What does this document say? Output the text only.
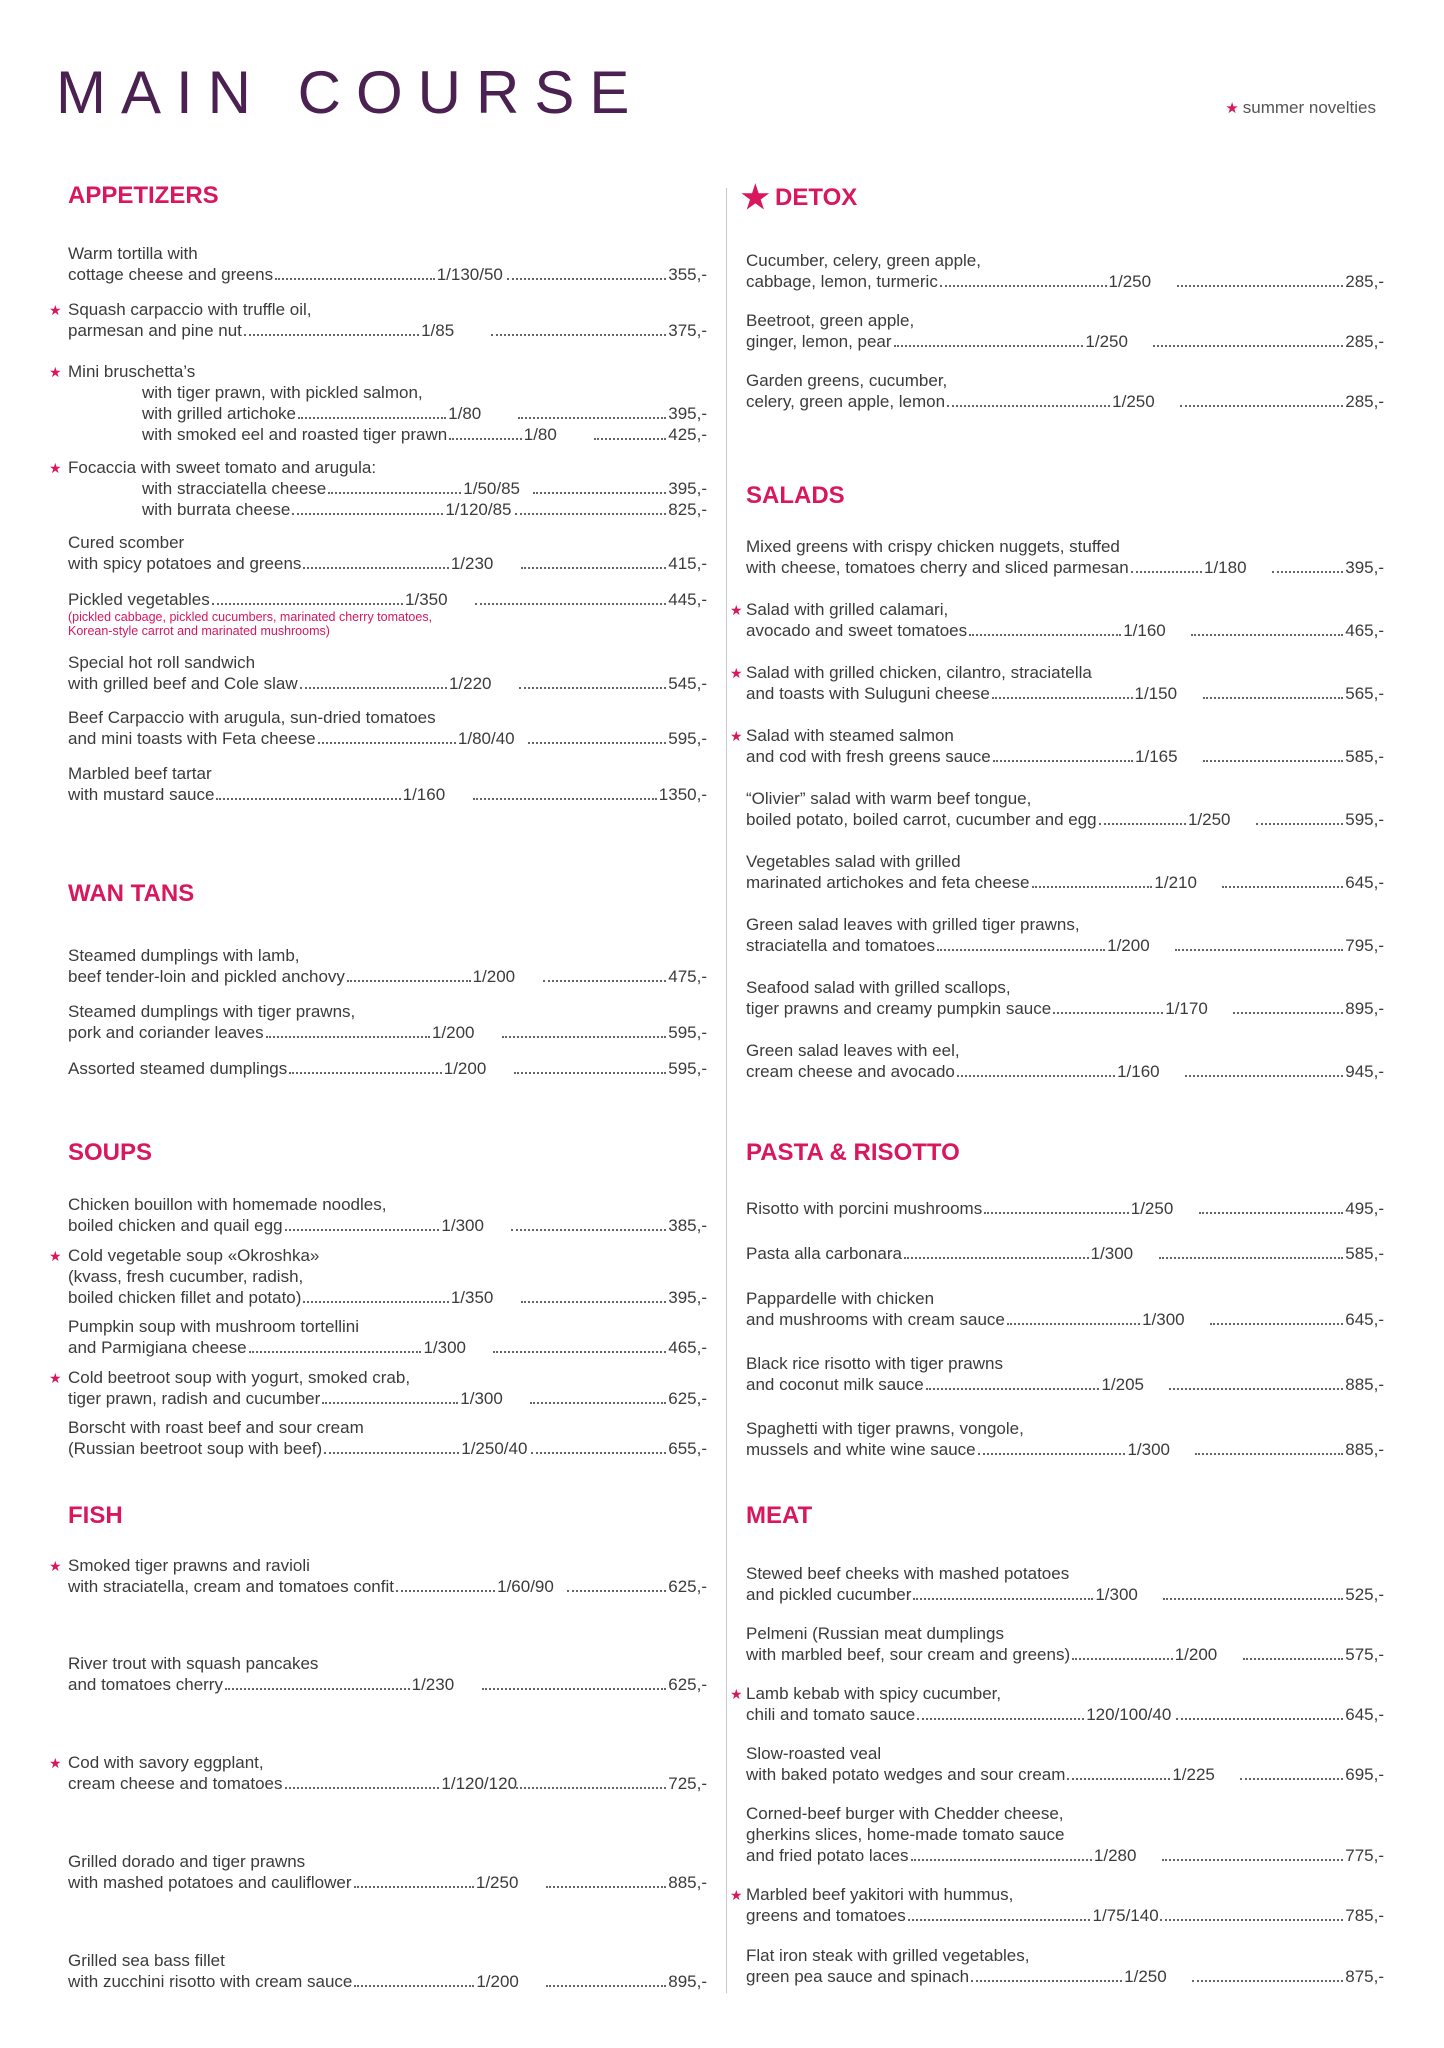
MAIN COURSE	★ summer novelties
APPETIZERS
Warm tortilla with
cottage cheese and greens	1/130/50	355,-
★ Squash carpaccio with truffle oil,
parmesan and pine nut	1/85	375,-
★ Mini bruschetta’s
with tiger prawn, with pickled salmon,
with grilled artichoke	1/80	395,-
with smoked eel and roasted tiger prawn	1/80	425,-
★ Focaccia with sweet tomato and arugula:
with stracciatella cheese	1/50/85	395,-
with burrata cheese	1/120/85	825,-
Cured scomber
with spicy potatoes and greens	1/230	415,-
Pickled vegetables	1/350	445,-
(pickled cabbage, pickled cucumbers, marinated cherry tomatoes,
Korean-style carrot and marinated mushrooms)
Special hot roll sandwich
with grilled beef and Cole slaw	1/220	545,-
Beef Carpaccio with arugula, sun-dried tomatoes
and mini toasts with Feta cheese	1/80/40	595,-
Marbled beef tartar
with mustard sauce	1/160	1350,-
WAN TANS
Steamed dumplings with lamb,
beef tender-loin and pickled anchovy	1/200	475,-
Steamed dumplings with tiger prawns,
pork and coriander leaves	1/200	595,-
Assorted steamed dumplings	1/200	595,-
SOUPS
Chicken bouillon with homemade noodles,
boiled chicken and quail egg	1/300	385,-
★ Cold vegetable soup «Okroshka»
(kvass, fresh cucumber, radish,
boiled chicken fillet and potato)	1/350	395,-
Pumpkin soup with mushroom tortellini
and Parmigiana cheese	1/300	465,-
★ Cold beetroot soup with yogurt, smoked crab,
tiger prawn, radish and cucumber	1/300	625,-
Borscht with roast beef and sour cream
(Russian beetroot soup with beef)	1/250/40	655,-
FISH
★ Smoked tiger prawns and ravioli
with straciatella, cream and tomatoes confit	1/60/90	625,-
River trout with squash pancakes
and tomatoes cherry	1/230	625,-
★ Cod with savory eggplant,
cream cheese and tomatoes	1/120/120	725,-
Grilled dorado and tiger prawns
with mashed potatoes and cauliflower	1/250	885,-
Grilled sea bass fillet
with zucchini risotto with cream sauce	1/200	895,-
★ DETOX
Cucumber, celery, green apple,
cabbage, lemon, turmeric	1/250	285,-
Beetroot, green apple,
ginger, lemon, pear	1/250	285,-
Garden greens, cucumber,
celery, green apple, lemon	1/250	285,-
SALADS
Mixed greens with crispy chicken nuggets, stuffed
with cheese, tomatoes cherry and sliced parmesan	1/180	395,-
★ Salad with grilled calamari,
avocado and sweet tomatoes	1/160	465,-
★ Salad with grilled chicken, cilantro, straciatella
and toasts with Suluguni cheese	1/150	565,-
★ Salad with steamed salmon
and cod with fresh greens sauce	1/165	585,-
“Olivier” salad with warm beef tongue,
boiled potato, boiled carrot, cucumber and egg	1/250	595,-
Vegetables salad with grilled
marinated artichokes and feta cheese	1/210	645,-
Green salad leaves with grilled tiger prawns,
straciatella and tomatoes	1/200	795,-
Seafood salad with grilled scallops,
tiger prawns and creamy pumpkin sauce	1/170	895,-
Green salad leaves with eel,
cream cheese and avocado	1/160	945,-
PASTA & RISOTTO
Risotto with porcini mushrooms	1/250	495,-
Pasta alla carbonara	1/300	585,-
Pappardelle with chicken
and mushrooms with cream sauce	1/300	645,-
Black rice risotto with tiger prawns
and coconut milk sauce	1/205	885,-
Spaghetti with tiger prawns, vongole,
mussels and white wine sauce	1/300	885,-
MEAT
Stewed beef cheeks with mashed potatoes
and pickled cucumber	1/300	525,-
Pelmeni (Russian meat dumplings
with marbled beef, sour cream and greens)	1/200	575,-
★ Lamb kebab with spicy cucumber,
chili and tomato sauce	120/100/40	645,-
Slow-roasted veal
with baked potato wedges and sour cream	1/225	695,-
Corned-beef burger with Chedder cheese,
gherkins slices, home-made tomato sauce
and fried potato laces	1/280	775,-
★ Marbled beef yakitori with hummus,
greens and tomatoes	1/75/140	785,-
Flat iron steak with grilled vegetables,
green pea sauce and spinach	1/250	875,-
